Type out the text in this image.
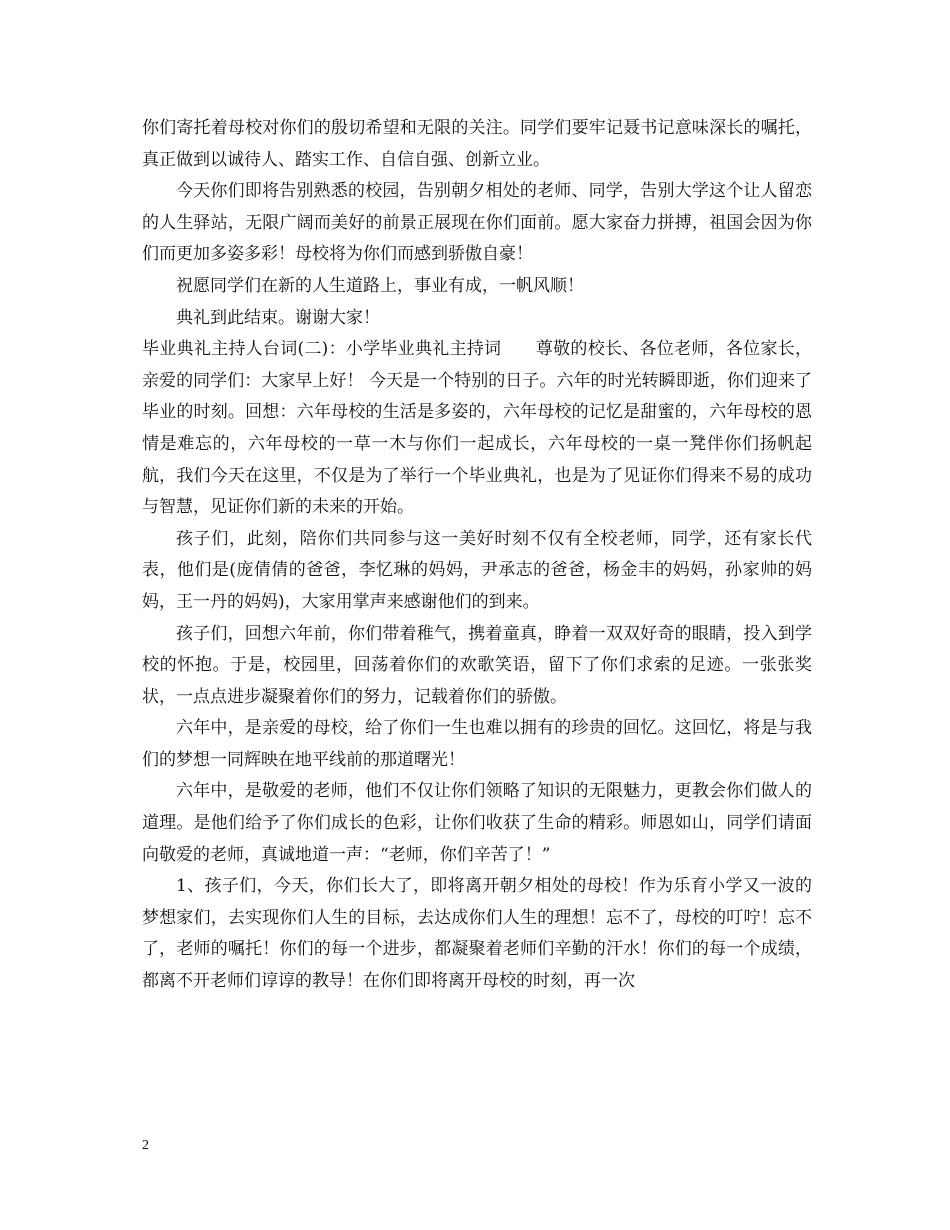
你们寄托着母校对你们的殷切希望和无限的关注。同学们要牢记聂书记意味深长的嘱托，真正做到以诚待人、踏实工作、自信自强、创新立业。

今天你们即将告别熟悉的校园，告别朝夕相处的老师、同学，告别大学这个让人留恋的人生驿站，无限广阔而美好的前景正展现在你们面前。愿大家奋力拼搏，祖国会因为你们而更加多姿多彩！母校将为你们而感到骄傲自豪！

祝愿同学们在新的人生道路上，事业有成，一帆风顺！

典礼到此结束。谢谢大家！

毕业典礼主持人台词(二)：小学毕业典礼主持词　　尊敬的校长、各位老师，各位家长，亲爱的同学们：大家早上好！ 今天是一个特别的日子。六年的时光转瞬即逝，你们迎来了毕业的时刻。回想：六年母校的生活是多姿的，六年母校的记忆是甜蜜的，六年母校的恩情是难忘的，六年母校的一草一木与你们一起成长，六年母校的一桌一凳伴你们扬帆起航，我们今天在这里，不仅是为了举行一个毕业典礼，也是为了见证你们得来不易的成功与智慧，见证你们新的未来的开始。

孩子们，此刻，陪你们共同参与这一美好时刻不仅有全校老师，同学，还有家长代表，他们是(庞倩倩的爸爸，李忆琳的妈妈，尹承志的爸爸，杨金丰的妈妈，孙家帅的妈妈，王一丹的妈妈)，大家用掌声来感谢他们的到来。

孩子们，回想六年前，你们带着稚气，携着童真，睁着一双双好奇的眼睛，投入到学校的怀抱。于是，校园里，回荡着你们的欢歌笑语，留下了你们求索的足迹。一张张奖状，一点点进步凝聚着你们的努力，记载着你们的骄傲。

六年中，是亲爱的母校，给了你们一生也难以拥有的珍贵的回忆。这回忆，将是与我们的梦想一同辉映在地平线前的那道曙光！

六年中，是敬爱的老师，他们不仅让你们领略了知识的无限魅力，更教会你们做人的道理。是他们给予了你们成长的色彩，让你们收获了生命的精彩。师恩如山，同学们请面向敬爱的老师，真诚地道一声：“老师，你们辛苦了！”

1、孩子们，今天，你们长大了，即将离开朝夕相处的母校！作为乐育小学又一波的梦想家们，去实现你们人生的目标，去达成你们人生的理想！忘不了，母校的叮咛！忘不了，老师的嘱托！你们的每一个进步，都凝聚着老师们辛勤的汗水！你们的每一个成绩，都离不开老师们谆谆的教导！在你们即将离开母校的时刻，再一次

2
